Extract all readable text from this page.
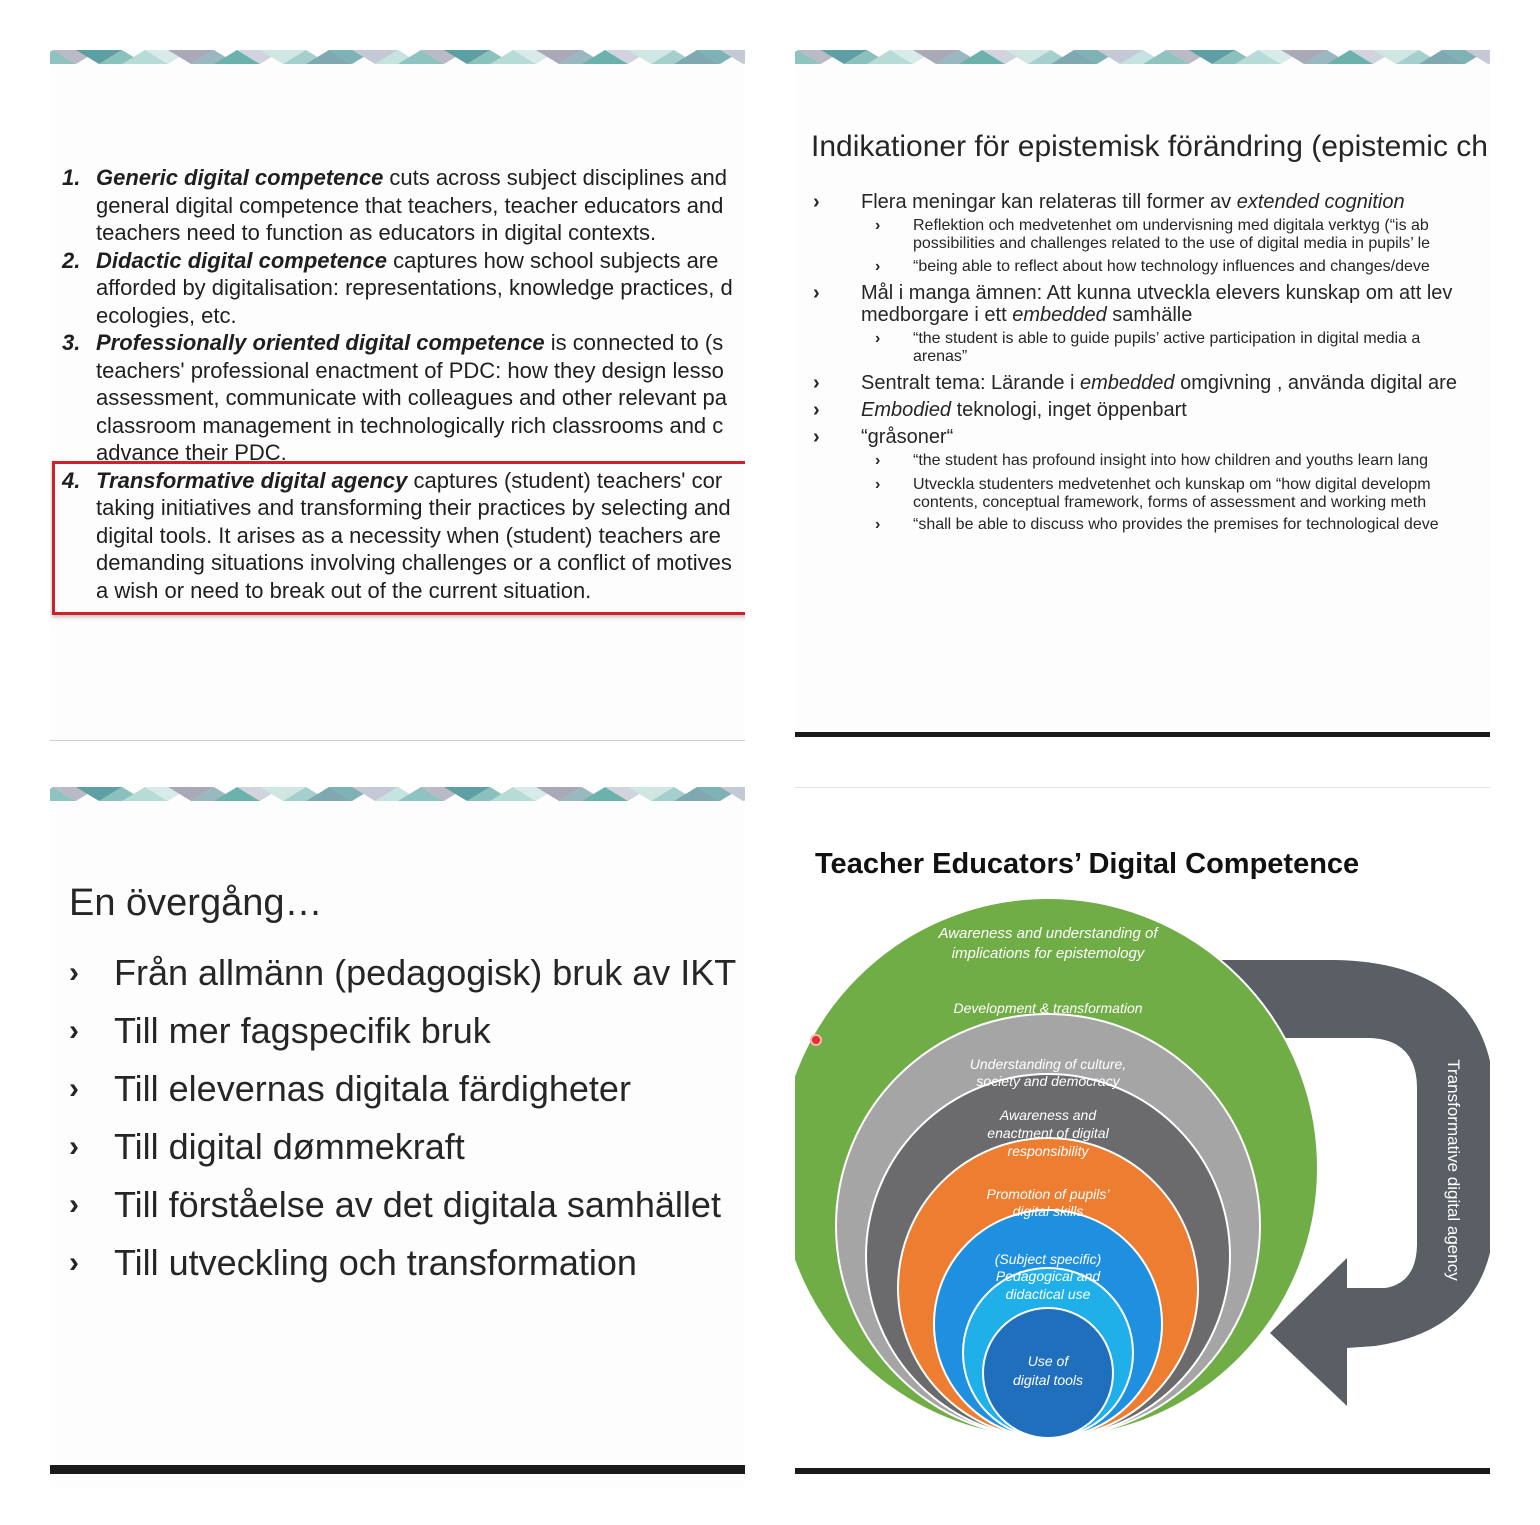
1. Generic digital competence cuts across subject disciplines and
general digital competence that teachers, teacher educators and
teachers need to function as educators in digital contexts.
2. Didactic digital competence captures how school subjects are
afforded by digitalisation: representations, knowledge practices, d
ecologies, etc.
3. Professionally oriented digital competence is connected to (s
teachers' professional enactment of PDC: how they design lesso
assessment, communicate with colleagues and other relevant pa
classroom management in technologically rich classrooms and c
advance their PDC.
4. Transformative digital agency captures (student) teachers' cor
taking initiatives and transforming their practices by selecting and
digital tools. It arises as a necessity when (student) teachers are
demanding situations involving challenges or a conflict of motives
a wish or need to break out of the current situation.
Indikationer för epistemisk förändring (epistemic ch
› Flera meningar kan relateras till former av extended cognition
› Reflektion och medvetenhet om undervisning med digitala verktyg (“is ab
possibilities and challenges related to the use of digital media in pupils’ le
› “being able to reflect about how technology influences and changes/deve
› Mål i manga ämnen: Att kunna utveckla elevers kunskap om att lev
medborgare i ett embedded samhälle
› “the student is able to guide pupils’ active participation in digital media a
arenas”
› Sentralt tema: Lärande i embedded omgivning , använda digital are
› Embodied teknologi, inget öppenbart
› “gråsoner“
› “the student has profound insight into how children and youths learn lang
› Utveckla studenters medvetenhet och kunskap om “how digital developm
contents, conceptual framework, forms of assessment and working meth
› “shall be able to discuss who provides the premises for technological deve
En övergång…
› Från allmänn (pedagogisk) bruk av IKT
› Till mer fagspecifik bruk
› Till elevernas digitala färdigheter
› Till digital dømmekraft
› Till förståelse av det digitala samhället
› Till utveckling och transformation
Teacher Educators’ Digital Competence
Transformative digital agency
Awareness and understanding of
implications for epistemology
Development & transformation
Understanding of culture,
society and democracy
Awareness and
enactment of digital
responsibility
Promotion of pupils’
digital skills
(Subject specific)
Pedagogical and
didactical use
Use of
digital tools
